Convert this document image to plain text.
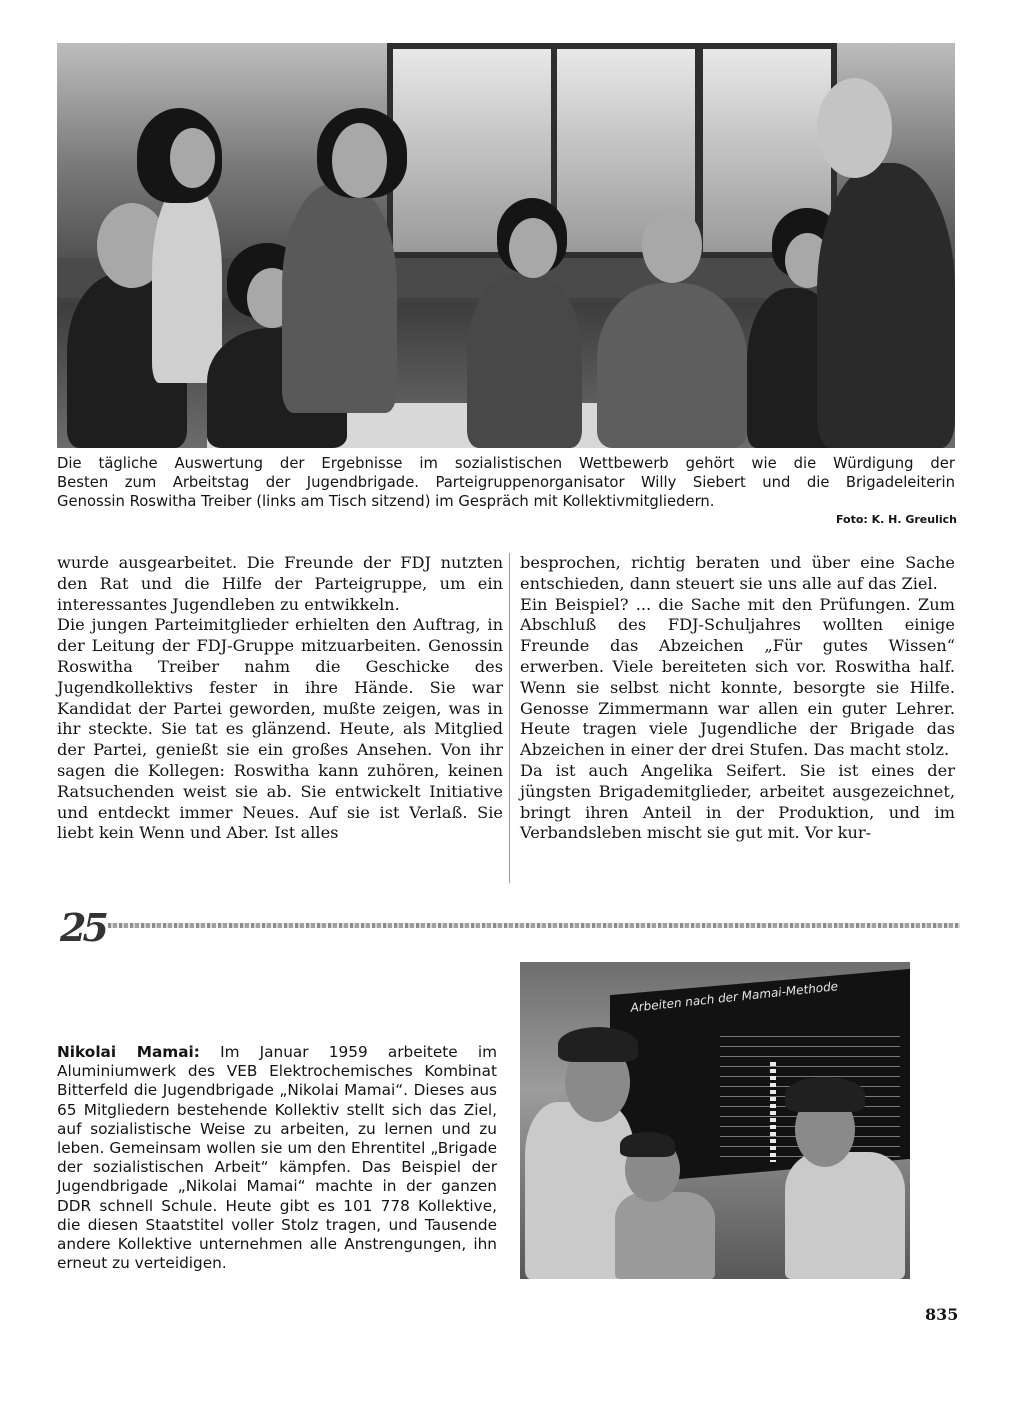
Die tägliche Auswertung der Ergebnisse im sozialistischen Wettbewerb gehört wie die Würdigung der
Besten zum Arbeitstag der Jugendbrigade. Parteigruppenorganisator Willy Siebert und die Brigadeleiterin

Genossin Roswitha Treiber (links am Tisch sitzend) im Gespräch mit Kollektivmitgliedern.

Foto: K. H. Greulich

wurde ausgearbeitet. Die Freunde der FDJ nutzten den Rat und die Hilfe der Parteigruppe, um ein interessantes Jugendleben zu entwikkeln.

Die jungen Parteimitglieder erhielten den Auftrag, in der Leitung der FDJ-Gruppe mitzuarbeiten. Genossin Roswitha Treiber nahm die Geschicke des Jugendkollektivs fester in ihre Hände. Sie war Kandidat der Partei geworden, mußte zeigen, was in ihr steckte. Sie tat es glänzend. Heute, als Mitglied der Partei, genießt sie ein großes Ansehen. Von ihr sagen die Kollegen: Roswitha kann zuhören, keinen Ratsuchenden weist sie ab. Sie entwickelt Initiative und entdeckt immer Neues. Auf sie ist Verlaß. Sie liebt kein Wenn und Aber. Ist alles

besprochen, richtig beraten und über eine Sache entschieden, dann steuert sie uns alle auf das Ziel.

Ein Beispiel? ... die Sache mit den Prüfungen. Zum Abschluß des FDJ-Schuljahres wollten einige Freunde das Abzeichen „Für gutes Wissen“ erwerben. Viele bereiteten sich vor. Roswitha half. Wenn sie selbst nicht konnte, besorgte sie Hilfe. Genosse Zimmermann war allen ein guter Lehrer. Heute tragen viele Jugendliche der Brigade das Abzeichen in einer der drei Stufen. Das macht stolz.

Da ist auch Angelika Seifert. Sie ist eines der jüngsten Brigademitglieder, arbeitet ausgezeichnet, bringt ihren Anteil in der Produktion, und im Verbandsleben mischt sie gut mit. Vor kur-

25
Nikolai Mamai: Im Januar 1959 arbeitete im Aluminiumwerk des VEB Elektrochemisches Kombinat Bitterfeld die Jugendbrigade „Nikolai Mamai“. Dieses aus 65 Mitgliedern bestehende Kollektiv stellt sich das Ziel, auf sozialistische Weise zu arbeiten, zu lernen und zu leben. Gemeinsam wollen sie um den Ehrentitel „Brigade der sozialistischen Arbeit“ kämpfen. Das Beispiel der Jugendbrigade „Nikolai Mamai“ machte in der ganzen DDR schnell Schule. Heute gibt es 101 778 Kollektive, die diesen Staatstitel voller Stolz tragen, und Tausende andere Kollektive unternehmen alle Anstrengungen, ihn erneut zu verteidigen.
Arbeiten nach der Mamai-Methode
835
